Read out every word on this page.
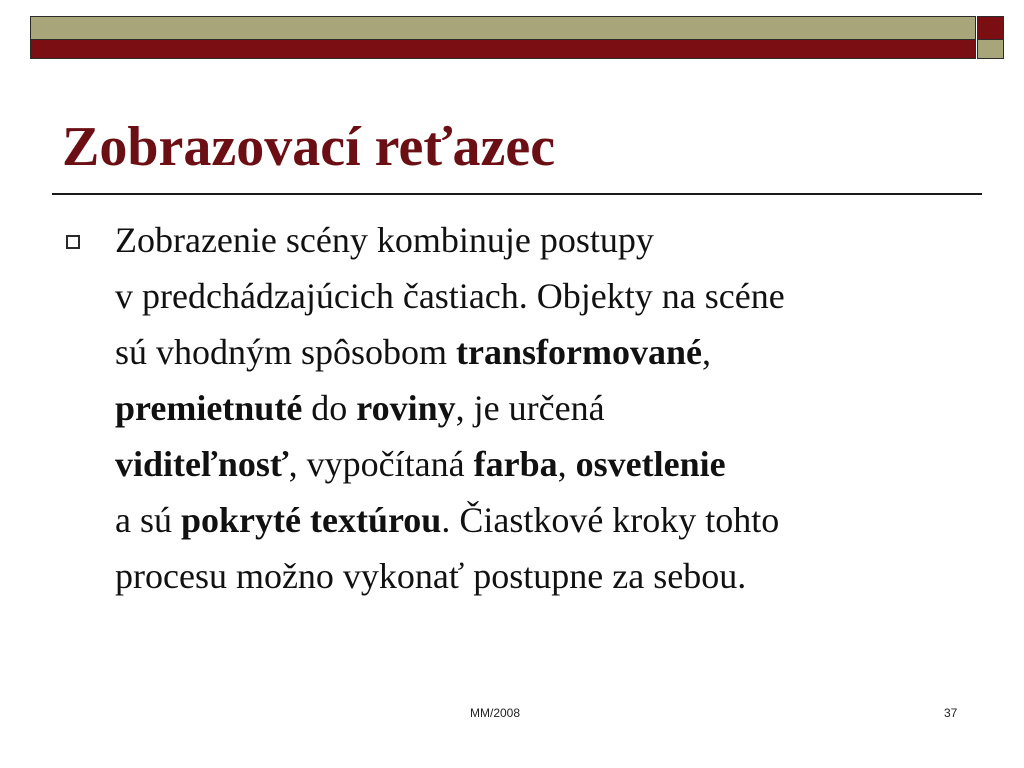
Zobrazovací reťazec

Zobrazenie scény kombinuje postupy
v predchádzajúcich častiach. Objekty na scéne
sú vhodným spôsobom transformované,
premietnuté do roviny, je určená
viditeľnosť, vypočítaná farba, osvetlenie
a sú pokryté textúrou. Čiastkové kroky tohto
procesu možno vykonať postupne za sebou.

MM/2008	37
